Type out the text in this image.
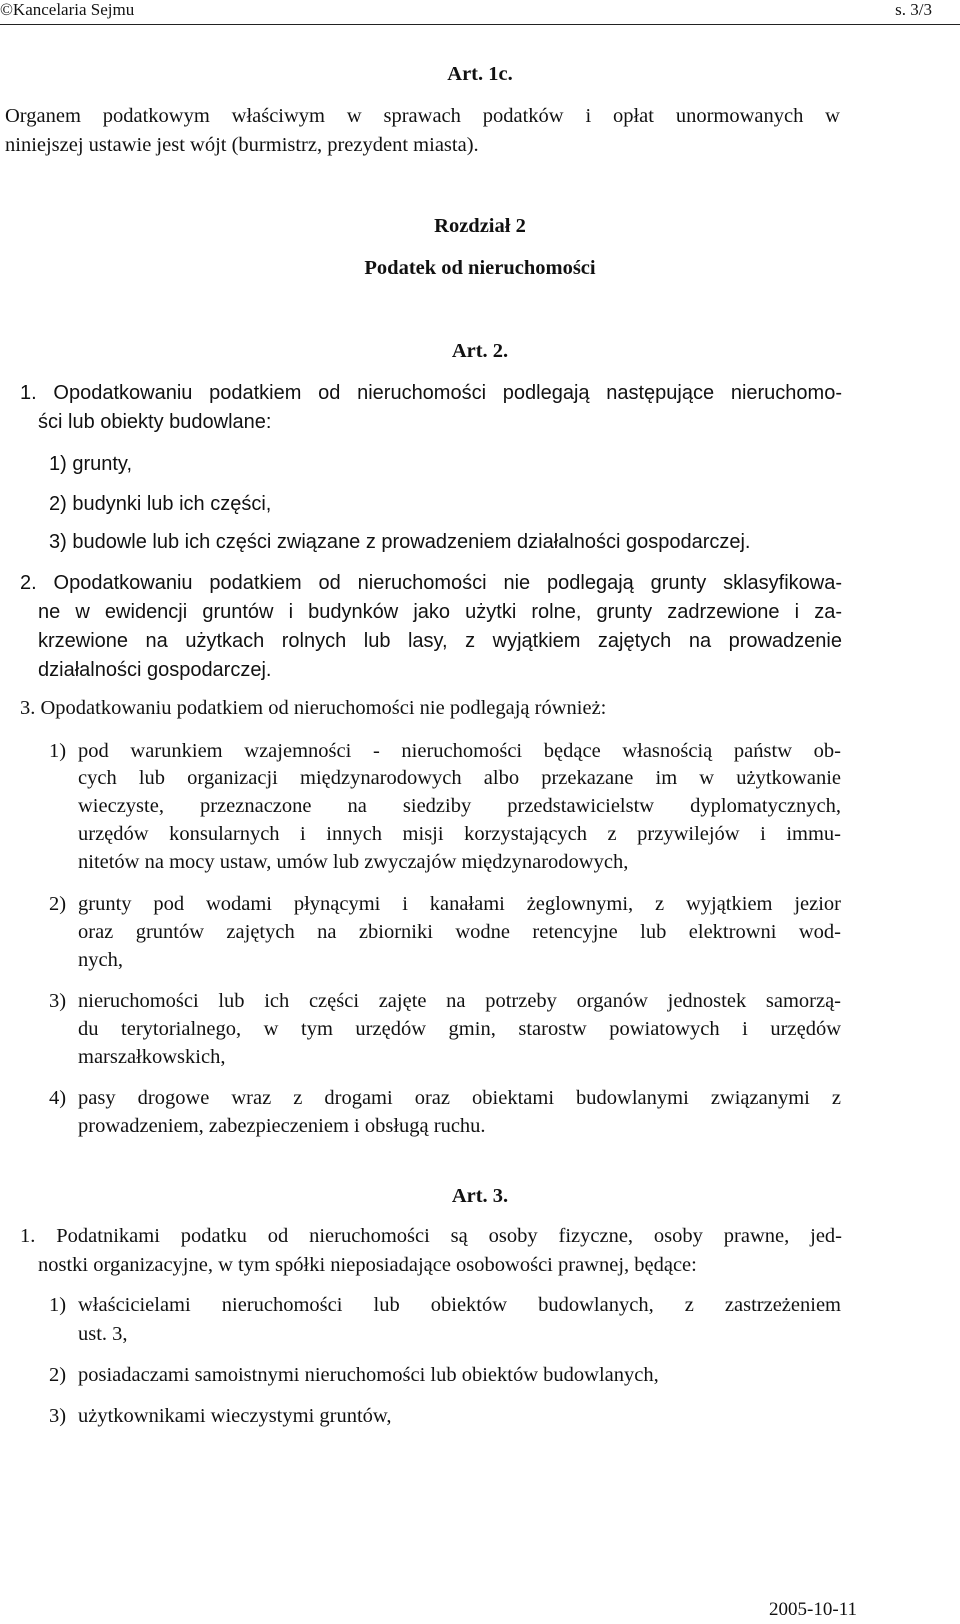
©Kancelaria Sejmu	s. 3/3
Art. 1c.
Organem podatkowym właściwym w sprawach podatków i opłat unormowanych w
niniejszej ustawie jest wójt (burmistrz, prezydent miasta).
Rozdział 2
Podatek od nieruchomości
Art. 2.
1. Opodatkowaniu podatkiem od nieruchomości podlegają następujące nieruchomo-
ści lub obiekty budowlane:
1) grunty,
2) budynki lub ich części,
3) budowle lub ich części związane z prowadzeniem działalności gospodarczej.
2. Opodatkowaniu podatkiem od nieruchomości nie podlegają grunty sklasyfikowa-
ne w ewidencji gruntów i budynków jako użytki rolne, grunty zadrzewione i za-
krzewione na użytkach rolnych lub lasy, z wyjątkiem zajętych na prowadzenie
działalności gospodarczej.
3. Opodatkowaniu podatkiem od nieruchomości nie podlegają również:
1) pod warunkiem wzajemności - nieruchomości będące własnością państw ob-
cych lub organizacji międzynarodowych albo przekazane im w użytkowanie
wieczyste, przeznaczone na siedziby przedstawicielstw dyplomatycznych,
urzędów konsularnych i innych misji korzystających z przywilejów i immu-
nitetów na mocy ustaw, umów lub zwyczajów międzynarodowych,
2) grunty pod wodami płynącymi i kanałami żeglownymi, z wyjątkiem jezior
oraz gruntów zajętych na zbiorniki wodne retencyjne lub elektrowni wod-
nych,
3) nieruchomości lub ich części zajęte na potrzeby organów jednostek samorzą-
du terytorialnego, w tym urzędów gmin, starostw powiatowych i urzędów
marszałkowskich,
4) pasy drogowe wraz z drogami oraz obiektami budowlanymi związanymi z
prowadzeniem, zabezpieczeniem i obsługą ruchu.
Art. 3.
1. Podatnikami podatku od nieruchomości są osoby fizyczne, osoby prawne, jed-
nostki organizacyjne, w tym spółki nieposiadające osobowości prawnej, będące:
1) właścicielami nieruchomości lub obiektów budowlanych, z zastrzeżeniem
ust. 3,
2) posiadaczami samoistnymi nieruchomości lub obiektów budowlanych,
3) użytkownikami wieczystymi gruntów,
2005-10-11
